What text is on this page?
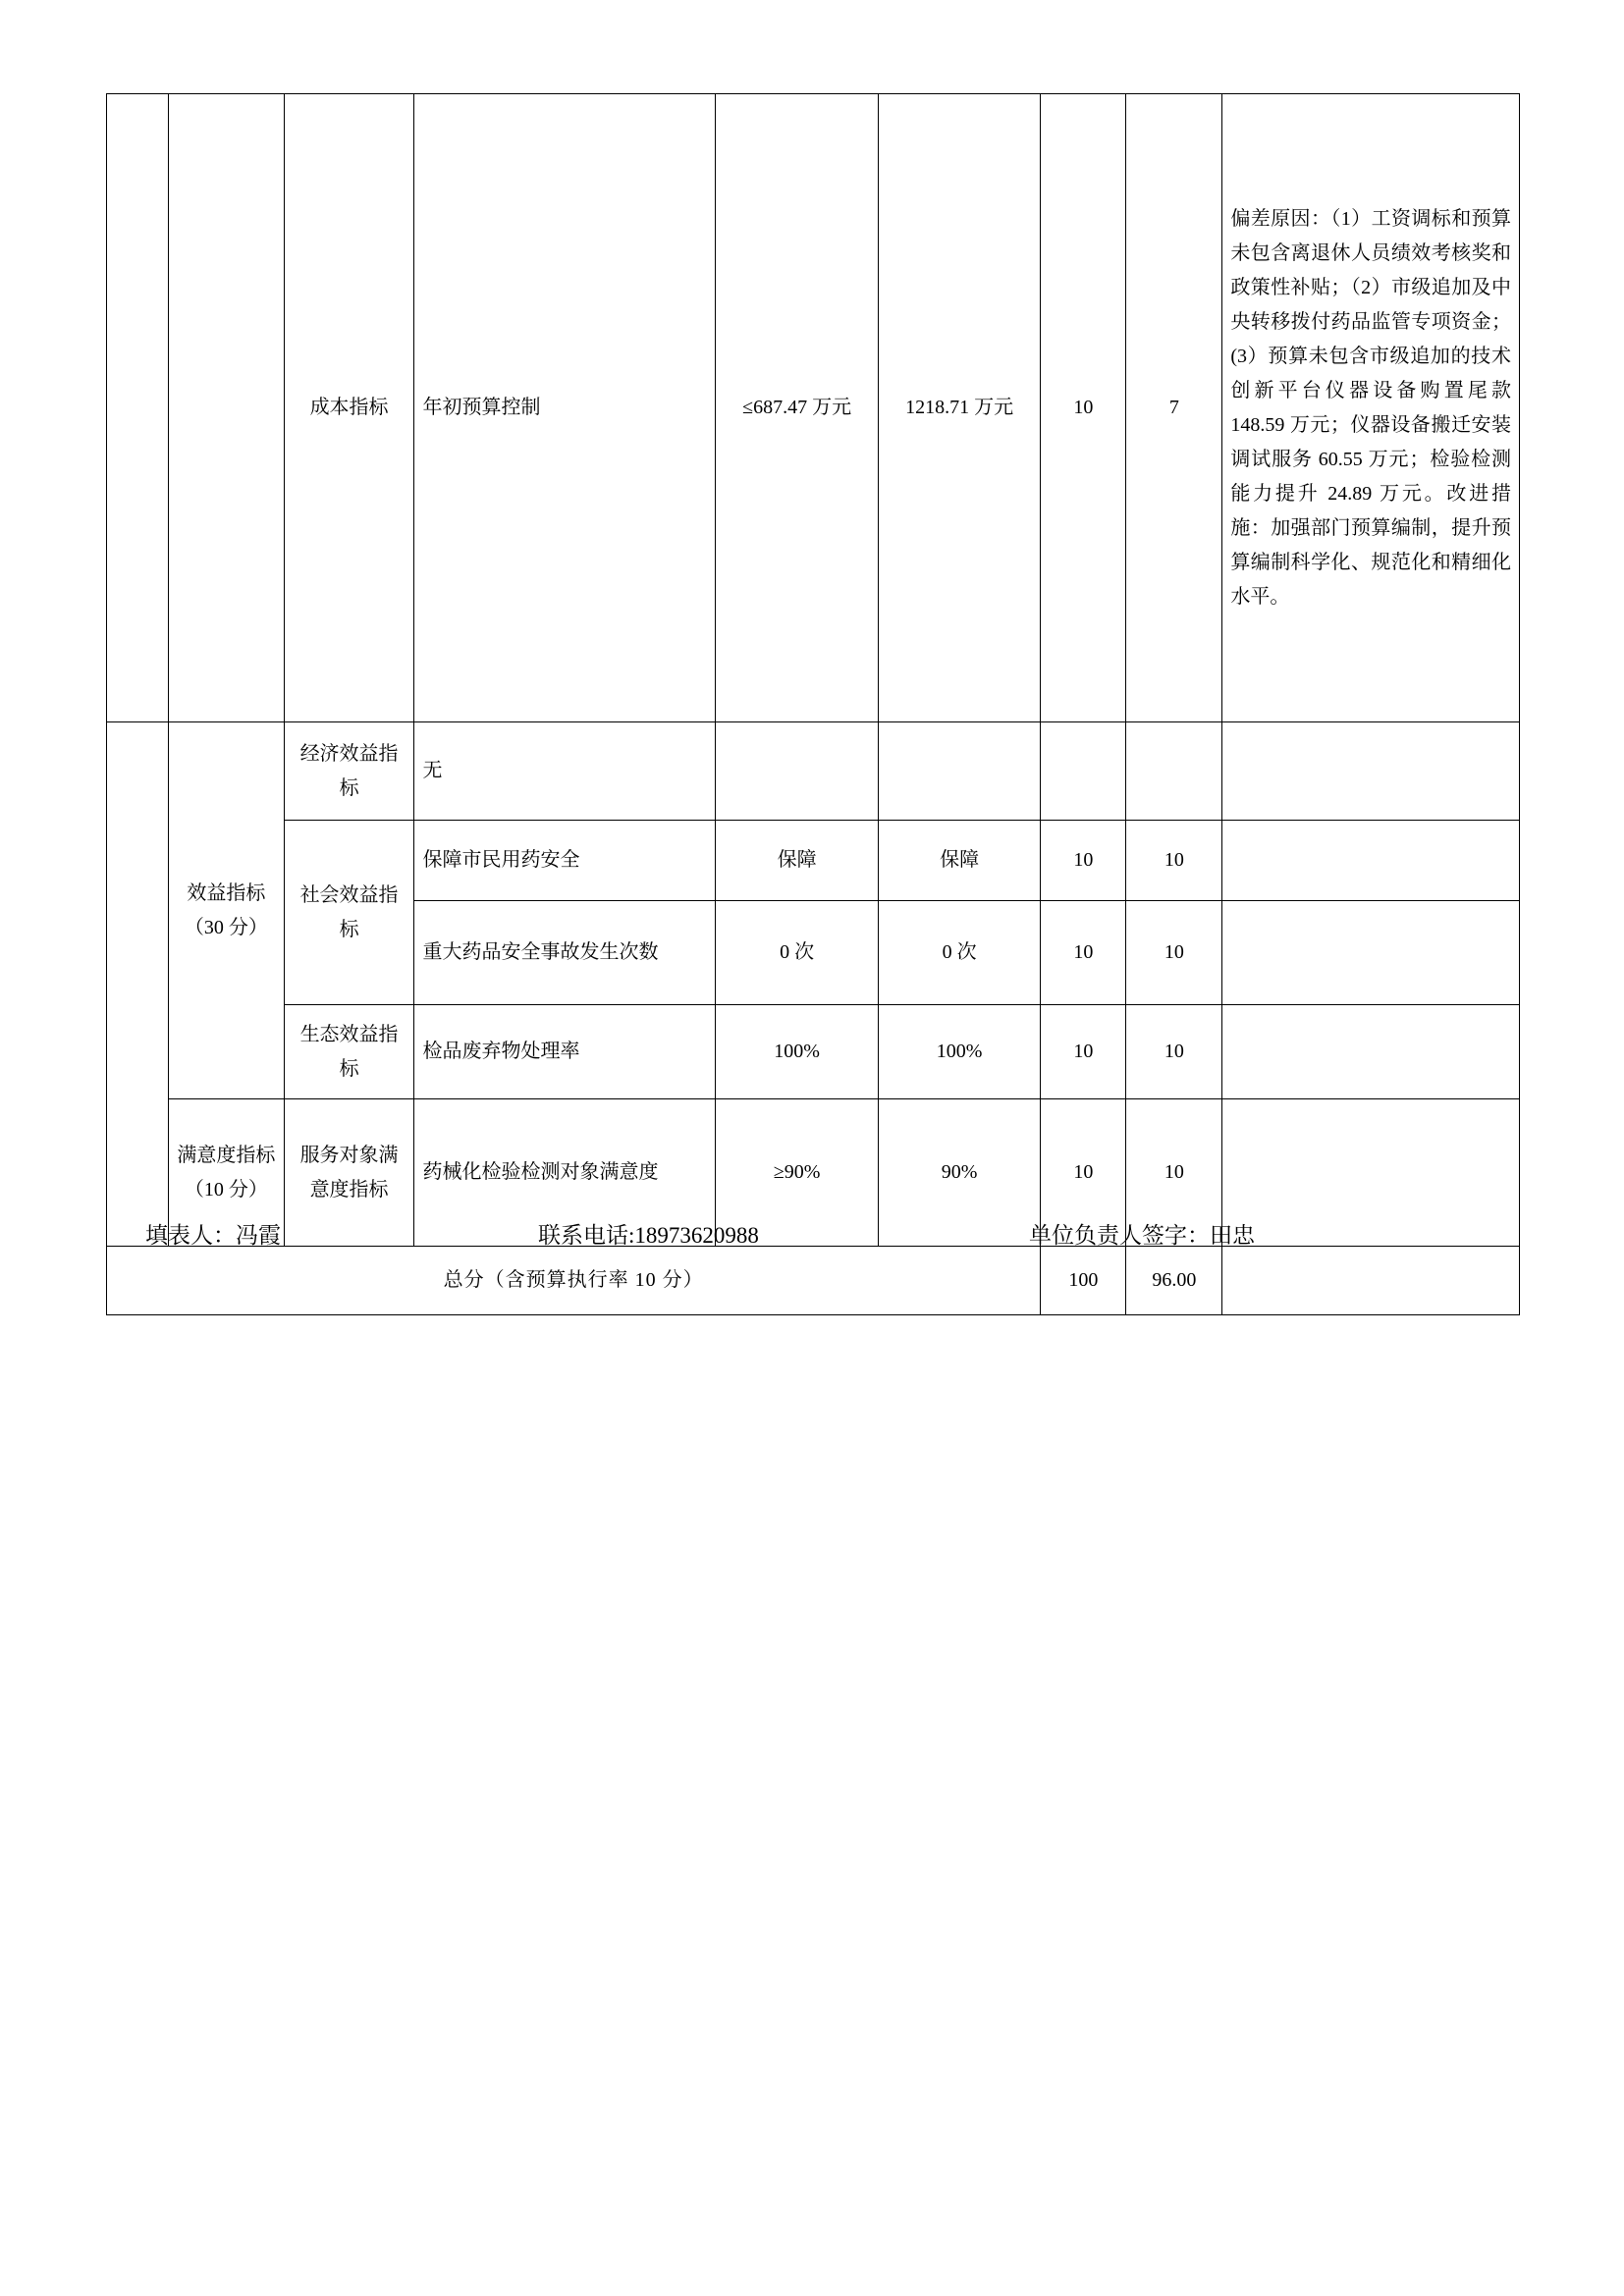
		成本指标	年初预算控制	≤687.47 万元	1218.71 万元	10	7	偏差原因：（1）工资调标和预算未包含离退休人员绩效考核奖和政策性补贴；（2）市级追加及中央转移拨付药品监管专项资金；(3）预算未包含市级追加的技术创新平台仪器设备购置尾款 148.59 万元；仪器设备搬迁安装调试服务 60.55 万元；检验检测能力提升 24.89 万元。改进措施：加强部门预算编制，提升预算编制科学化、规范化和精细化水平。
	效益指标（30 分）	经济效益指标	无					
		社会效益指标	保障市民用药安全	保障	保障	10	10	
			重大药品安全事故发生次数	0 次	0 次	10	10	
		生态效益指标	检品废弃物处理率	100%	100%	10	10	
	满意度指标（10 分）	服务对象满意度指标	药械化检验检测对象满意度	≥90%	90%	10	10	
总分（含预算执行率 10 分）						100	96.00	
填表人：冯霞	联系电话:18973620988	单位负责人签字：田忠
